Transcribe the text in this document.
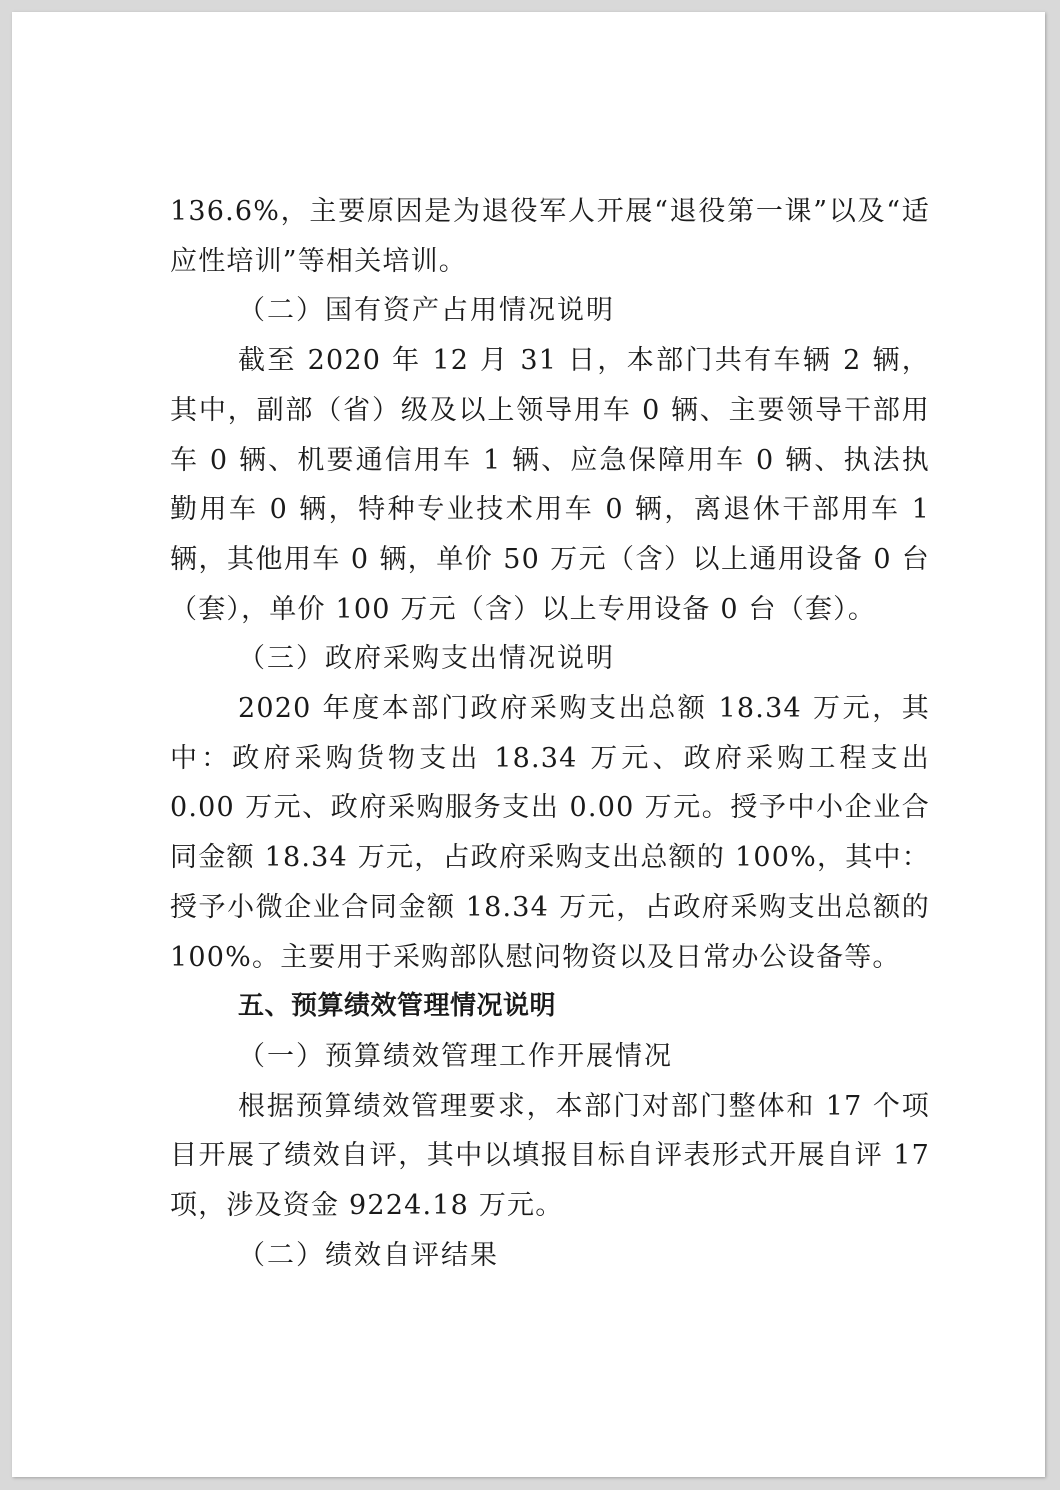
136.6%，主要原因是为退役军人开展“退役第一课”以及“适应性培训”等相关培训。

（二）国有资产占用情况说明

截至 2020 年 12 月 31 日，本部门共有车辆 2 辆，其中，副部（省）级及以上领导用车 0 辆、主要领导干部用车 0 辆、机要通信用车 1 辆、应急保障用车 0 辆、执法执勤用车 0 辆，特种专业技术用车 0 辆，离退休干部用车 1 辆，其他用车 0 辆，单价 50 万元（含）以上通用设备 0 台（套），单价 100 万元（含）以上专用设备 0 台（套）。

（三）政府采购支出情况说明

2020 年度本部门政府采购支出总额 18.34 万元，其中：政府采购货物支出 18.34 万元、政府采购工程支出 0.00 万元、政府采购服务支出 0.00 万元。授予中小企业合同金额 18.34 万元，占政府采购支出总额的 100%，其中：授予小微企业合同金额 18.34 万元，占政府采购支出总额的 100%。主要用于采购部队慰问物资以及日常办公设备等。

五、预算绩效管理情况说明

（一）预算绩效管理工作开展情况

根据预算绩效管理要求，本部门对部门整体和 17 个项目开展了绩效自评，其中以填报目标自评表形式开展自评 17 项，涉及资金 9224.18 万元。

（二）绩效自评结果
